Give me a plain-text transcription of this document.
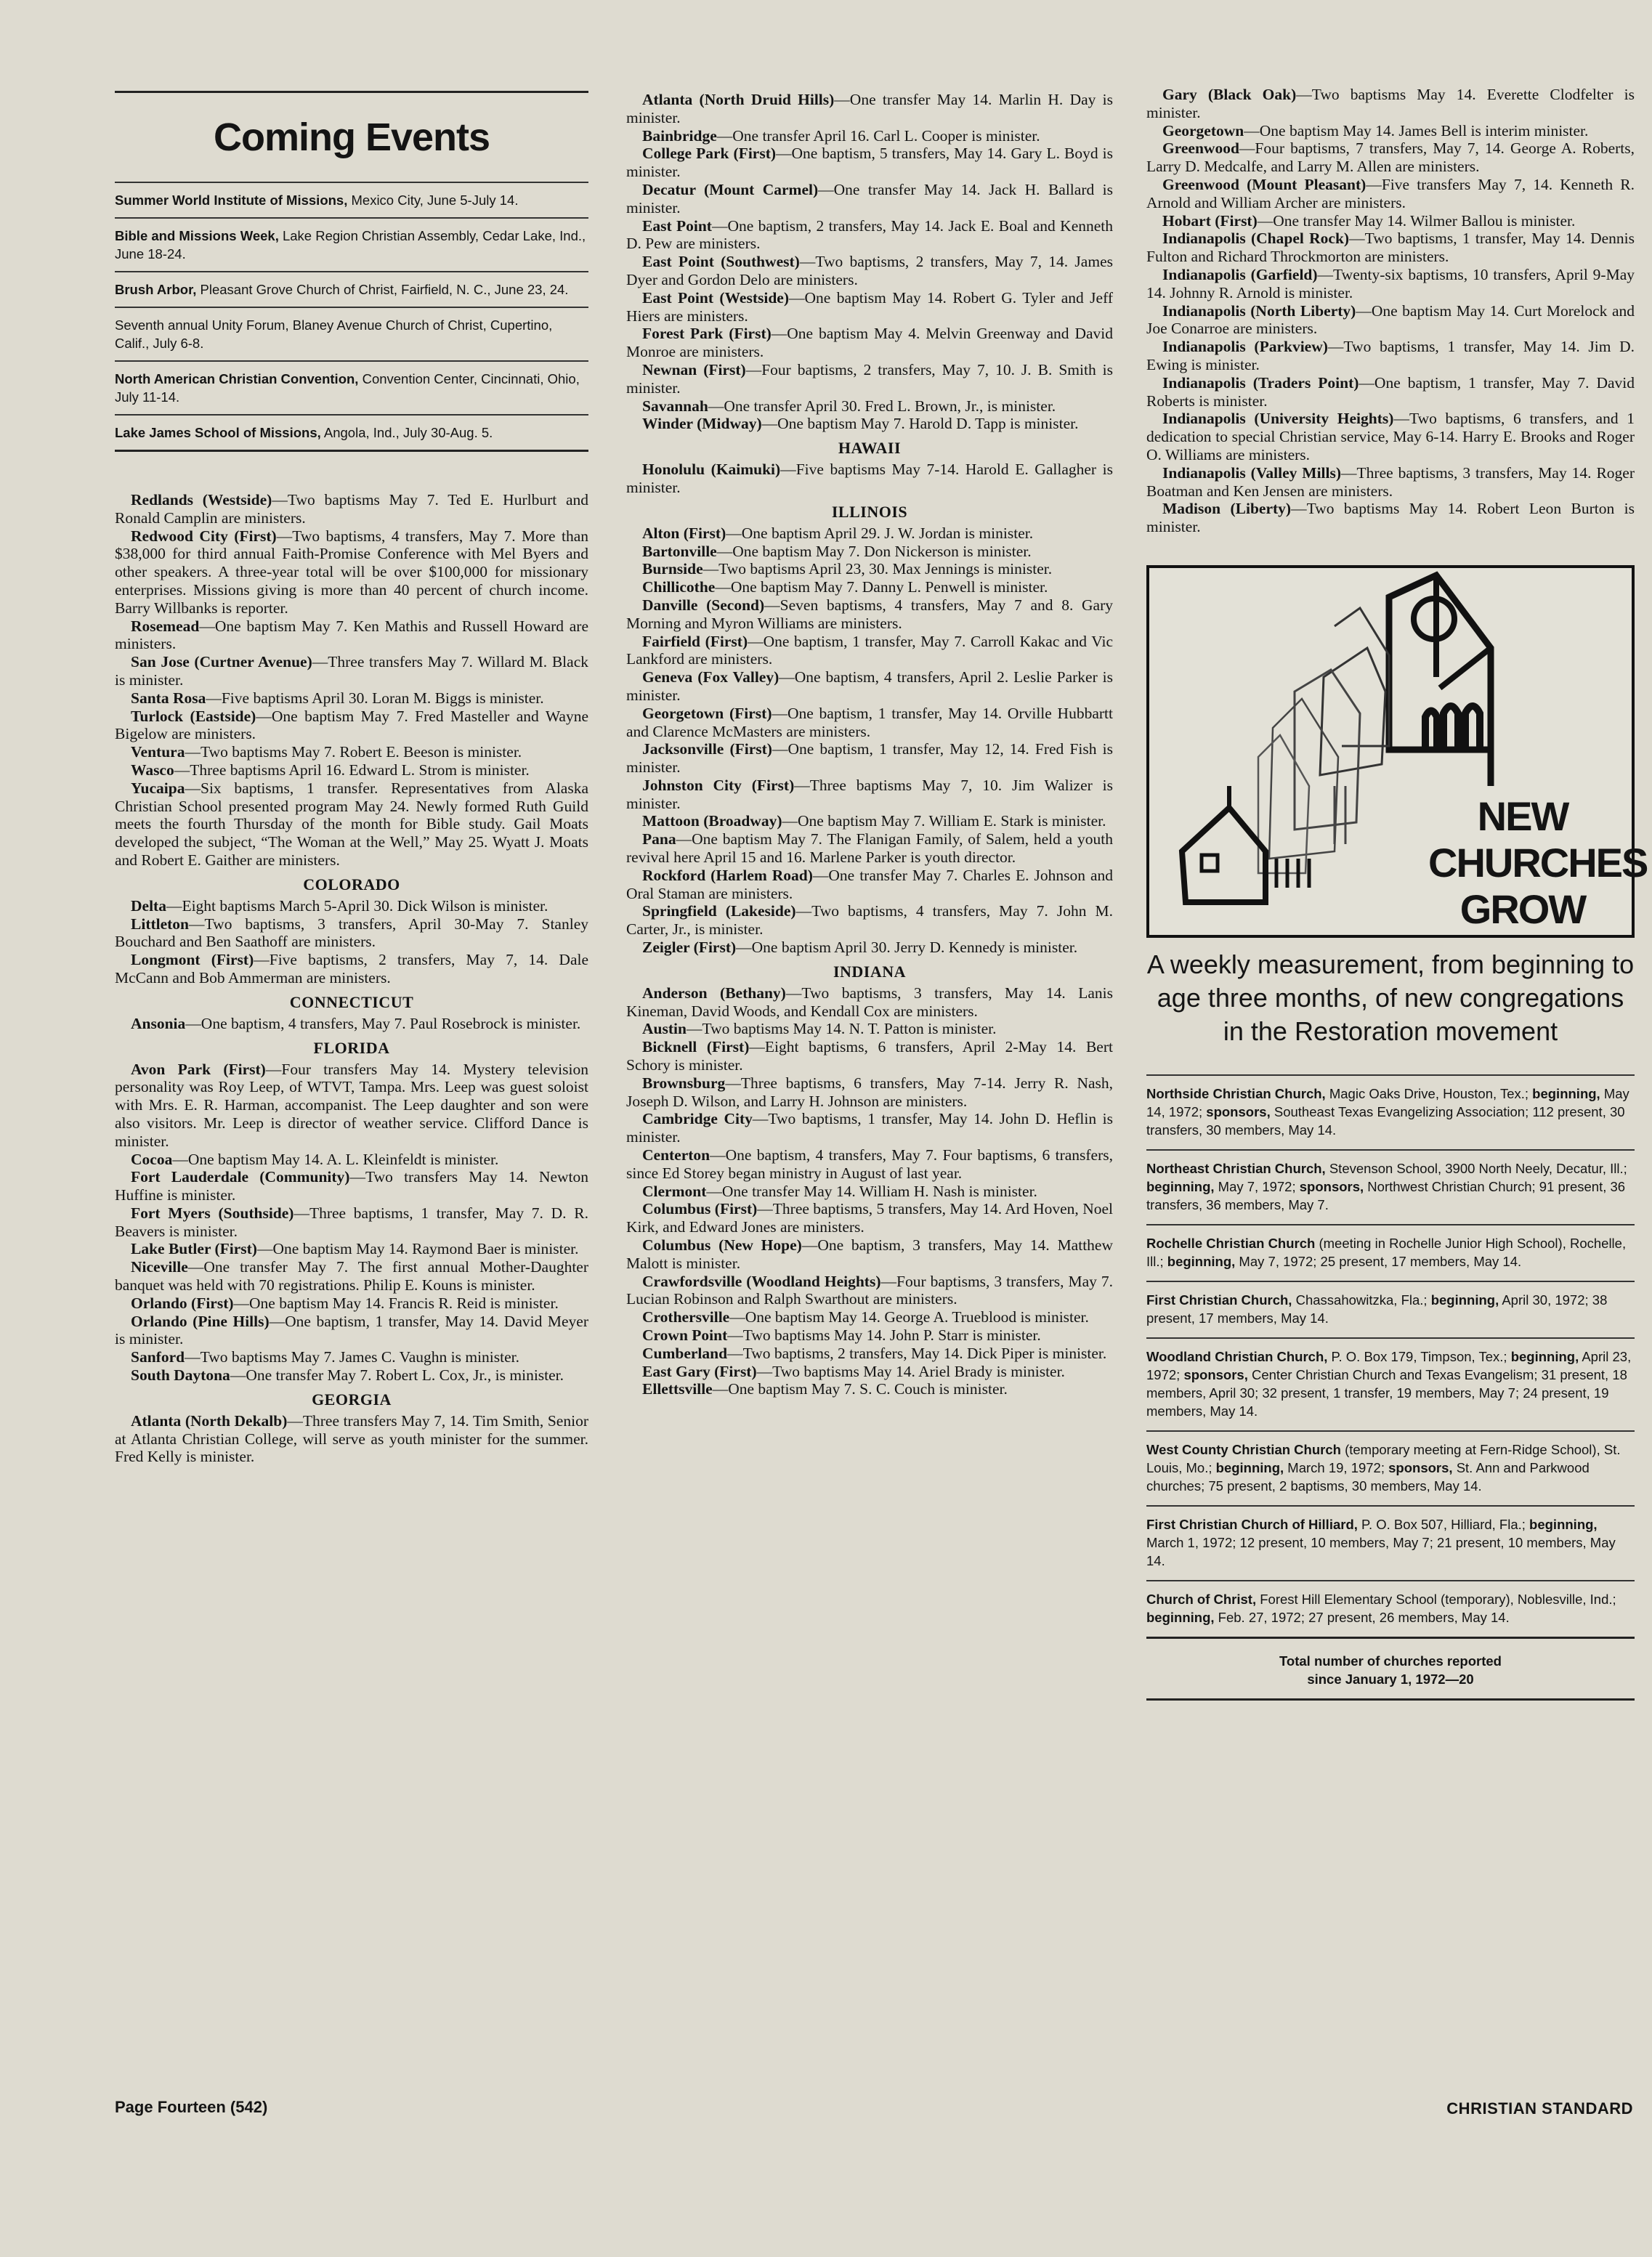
Coming Events
Summer World Institute of Missions, Mexico City, June 5-July 14.
Bible and Missions Week, Lake Region Christian Assembly, Cedar Lake, Ind., June 18-24.
Brush Arbor, Pleasant Grove Church of Christ, Fairfield, N. C., June 23, 24.
Seventh annual Unity Forum, Blaney Avenue Church of Christ, Cupertino, Calif., July 6-8.
North American Christian Convention, Convention Center, Cincinnati, Ohio, July 11-14.
Lake James School of Missions, Angola, Ind., July 30-Aug. 5.

Redlands (Westside)—Two baptisms May 7. Ted E. Hurlburt and Ronald Camplin are ministers.

Redwood City (First)—Two baptisms, 4 transfers, May 7. More than $38,000 for third annual Faith-Promise Conference with Mel Byers and other speakers. A three-year total will be over $100,000 for missionary enterprises. Missions giving is more than 40 percent of church income. Barry Willbanks is reporter.

Rosemead—One baptism May 7. Ken Mathis and Russell Howard are ministers.

San Jose (Curtner Avenue)—Three transfers May 7. Willard M. Black is minister.

Santa Rosa—Five baptisms April 30. Loran M. Biggs is minister.

Turlock (Eastside)—One baptism May 7. Fred Masteller and Wayne Bigelow are ministers.

Ventura—Two baptisms May 7. Robert E. Beeson is minister.

Wasco—Three baptisms April 16. Edward L. Strom is minister.

Yucaipa—Six baptisms, 1 transfer. Representatives from Alaska Christian School presented program May 24. Newly formed Ruth Guild meets the fourth Thursday of the month for Bible study. Gail Moats developed the subject, “The Woman at the Well,” May 25. Wyatt J. Moats and Robert E. Gaither are ministers.

COLORADO

Delta—Eight baptisms March 5-April 30. Dick Wilson is minister.

Littleton—Two baptisms, 3 transfers, April 30-May 7. Stanley Bouchard and Ben Saathoff are ministers.

Longmont (First)—Five baptisms, 2 transfers, May 7, 14. Dale McCann and Bob Ammerman are ministers.

CONNECTICUT

Ansonia—One baptism, 4 transfers, May 7. Paul Rosebrock is minister.

FLORIDA

Avon Park (First)—Four transfers May 14. Mystery television personality was Roy Leep, of WTVT, Tampa. Mrs. Leep was guest soloist with Mrs. E. R. Harman, accompanist. The Leep daughter and son were also visitors. Mr. Leep is director of weather service. Clifford Dance is minister.

Cocoa—One baptism May 14. A. L. Kleinfeldt is minister.

Fort Lauderdale (Community)—Two transfers May 14. Newton Huffine is minister.

Fort Myers (Southside)—Three baptisms, 1 transfer, May 7. D. R. Beavers is minister.

Lake Butler (First)—One baptism May 14. Raymond Baer is minister.

Niceville—One transfer May 7. The first annual Mother-Daughter banquet was held with 70 registrations. Philip E. Kouns is minister.

Orlando (First)—One baptism May 14. Francis R. Reid is minister.

Orlando (Pine Hills)—One baptism, 1 transfer, May 14. David Meyer is minister.

Sanford—Two baptisms May 7. James C. Vaughn is minister.

South Daytona—One transfer May 7. Robert L. Cox, Jr., is minister.

GEORGIA

Atlanta (North Dekalb)—Three transfers May 7, 14. Tim Smith, Senior at Atlanta Christian College, will serve as youth minister for the summer. Fred Kelly is minister.

Atlanta (North Druid Hills)—One transfer May 14. Marlin H. Day is minister.

Bainbridge—One transfer April 16. Carl L. Cooper is minister.

College Park (First)—One baptism, 5 transfers, May 14. Gary L. Boyd is minister.

Decatur (Mount Carmel)—One transfer May 14. Jack H. Ballard is minister.

East Point—One baptism, 2 transfers, May 14. Jack E. Boal and Kenneth D. Pew are ministers.

East Point (Southwest)—Two baptisms, 2 transfers, May 7, 14. James Dyer and Gordon Delo are ministers.

East Point (Westside)—One baptism May 14. Robert G. Tyler and Jeff Hiers are ministers.

Forest Park (First)—One baptism May 4. Melvin Greenway and David Monroe are ministers.

Newnan (First)—Four baptisms, 2 transfers, May 7, 10. J. B. Smith is minister.

Savannah—One transfer April 30. Fred L. Brown, Jr., is minister.

Winder (Midway)—One baptism May 7. Harold D. Tapp is minister.

HAWAII

Honolulu (Kaimuki)—Five baptisms May 7-14. Harold E. Gallagher is minister.

ILLINOIS

Alton (First)—One baptism April 29. J. W. Jordan is minister.

Bartonville—One baptism May 7. Don Nickerson is minister.

Burnside—Two baptisms April 23, 30. Max Jennings is minister.

Chillicothe—One baptism May 7. Danny L. Penwell is minister.

Danville (Second)—Seven baptisms, 4 transfers, May 7 and 8. Gary Morning and Myron Williams are ministers.

Fairfield (First)—One baptism, 1 transfer, May 7. Carroll Kakac and Vic Lankford are ministers.

Geneva (Fox Valley)—One baptism, 4 transfers, April 2. Leslie Parker is minister.

Georgetown (First)—One baptism, 1 transfer, May 14. Orville Hubbartt and Clarence McMasters are ministers.

Jacksonville (First)—One baptism, 1 transfer, May 12, 14. Fred Fish is minister.

Johnston City (First)—Three baptisms May 7, 10. Jim Walizer is minister.

Mattoon (Broadway)—One baptism May 7. William E. Stark is minister.

Pana—One baptism May 7. The Flanigan Family, of Salem, held a youth revival here April 15 and 16. Marlene Parker is youth director.

Rockford (Harlem Road)—One transfer May 7. Charles E. Johnson and Oral Staman are ministers.

Springfield (Lakeside)—Two baptisms, 4 transfers, May 7. John M. Carter, Jr., is minister.

Zeigler (First)—One baptism April 30. Jerry D. Kennedy is minister.

INDIANA

Anderson (Bethany)—Two baptisms, 3 transfers, May 14. Lanis Kineman, David Woods, and Kendall Cox are ministers.

Austin—Two baptisms May 14. N. T. Patton is minister.

Bicknell (First)—Eight baptisms, 6 transfers, April 2-May 14. Bert Schory is minister.

Brownsburg—Three baptisms, 6 transfers, May 7-14. Jerry R. Nash, Joseph D. Wilson, and Larry H. Johnson are ministers.

Cambridge City—Two baptisms, 1 transfer, May 14. John D. Heflin is minister.

Centerton—One baptism, 4 transfers, May 7. Four baptisms, 6 transfers, since Ed Storey began ministry in August of last year.

Clermont—One transfer May 14. William H. Nash is minister.

Columbus (First)—Three baptisms, 5 transfers, May 14. Ard Hoven, Noel Kirk, and Edward Jones are ministers.

Columbus (New Hope)—One baptism, 3 transfers, May 14. Matthew Malott is minister.

Crawfordsville (Woodland Heights)—Four baptisms, 3 transfers, May 7. Lucian Robinson and Ralph Swarthout are ministers.

Crothersville—One baptism May 14. George A. Trueblood is minister.

Crown Point—Two baptisms May 14. John P. Starr is minister.

Cumberland—Two baptisms, 2 transfers, May 14. Dick Piper is minister.

East Gary (First)—Two baptisms May 14. Ariel Brady is minister.

Ellettsville—One baptism May 7. S. C. Couch is minister.

Gary (Black Oak)—Two baptisms May 14. Everette Clodfelter is minister.

Georgetown—One baptism May 14. James Bell is interim minister.

Greenwood—Four baptisms, 7 transfers, May 7, 14. George A. Roberts, Larry D. Medcalfe, and Larry M. Allen are ministers.

Greenwood (Mount Pleasant)—Five transfers May 7, 14. Kenneth R. Arnold and William Archer are ministers.

Hobart (First)—One transfer May 14. Wilmer Ballou is minister.

Indianapolis (Chapel Rock)—Two baptisms, 1 transfer, May 14. Dennis Fulton and Richard Throckmorton are ministers.

Indianapolis (Garfield)—Twenty-six baptisms, 10 transfers, April 9-May 14. Johnny R. Arnold is minister.

Indianapolis (North Liberty)—One baptism May 14. Curt Morelock and Joe Conarroe are ministers.

Indianapolis (Parkview)—Two baptisms, 1 transfer, May 14. Jim D. Ewing is minister.

Indianapolis (Traders Point)—One baptism, 1 transfer, May 7. David Roberts is minister.

Indianapolis (University Heights)—Two baptisms, 6 transfers, and 1 dedication to special Christian service, May 6-14. Harry E. Brooks and Roger O. Williams are ministers.

Indianapolis (Valley Mills)—Three baptisms, 3 transfers, May 14. Roger Boatman and Ken Jensen are ministers.

Madison (Liberty)—Two baptisms May 14. Robert Leon Burton is minister.

NEW
CHURCHES
GROW
A weekly measurement, from beginning to age three months, of new congregations in the Restoration movement
Northside Christian Church, Magic Oaks Drive, Houston, Tex.; beginning, May 14, 1972; sponsors, Southeast Texas Evangelizing Association; 112 present, 30 transfers, 30 members, May 14.
Northeast Christian Church, Stevenson School, 3900 North Neely, Decatur, Ill.; beginning, May 7, 1972; sponsors, Northwest Christian Church; 91 present, 36 transfers, 36 members, May 7.
Rochelle Christian Church (meeting in Rochelle Junior High School), Rochelle, Ill.; beginning, May 7, 1972; 25 present, 17 members, May 14.
First Christian Church, Chassahowitzka, Fla.; beginning, April 30, 1972; 38 present, 17 members, May 14.
Woodland Christian Church, P. O. Box 179, Timpson, Tex.; beginning, April 23, 1972; sponsors, Center Christian Church and Texas Evangelism; 31 present, 18 members, April 30; 32 present, 1 transfer, 19 members, May 7; 24 present, 19 members, May 14.
West County Christian Church (temporary meeting at Fern-Ridge School), St. Louis, Mo.; beginning, March 19, 1972; sponsors, St. Ann and Parkwood churches; 75 present, 2 baptisms, 30 members, May 14.
First Christian Church of Hilliard, P. O. Box 507, Hilliard, Fla.; beginning, March 1, 1972; 12 present, 10 members, May 7; 21 present, 10 members, May 14.
Church of Christ, Forest Hill Elementary School (temporary), Noblesville, Ind.; beginning, Feb. 27, 1972; 27 present, 26 members, May 14.
Total number of churches reported
since January 1, 1972—20
Page Fourteen (542)	CHRISTIAN STANDARD
